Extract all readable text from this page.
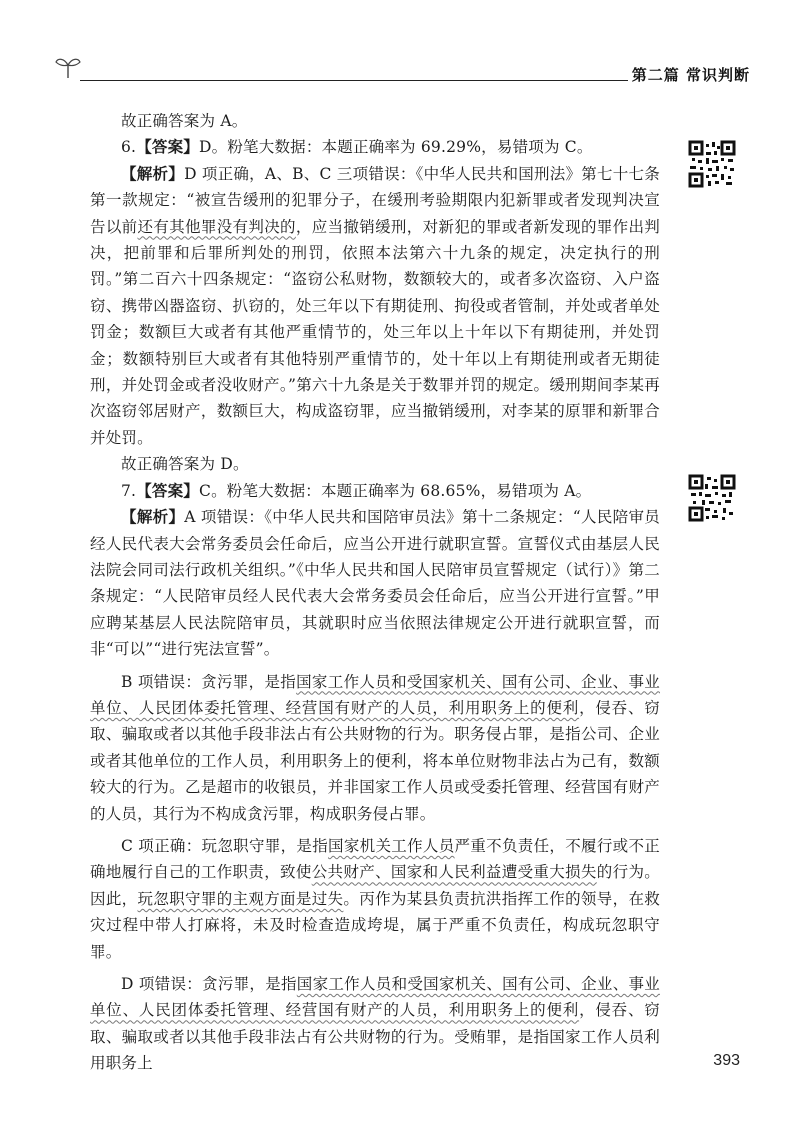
第二篇 常识判断

故正确答案为 A。

6.【答案】D。粉笔大数据：本题正确率为 69.29%，易错项为 C。

【解析】D 项正确，A、B、C 三项错误：《中华人民共和国刑法》第七十七条第一款规定：“被宣告缓刑的犯罪分子，在缓刑考验期限内犯新罪或者发现判决宣告以前还有其他罪没有判决的，应当撤销缓刑，对新犯的罪或者新发现的罪作出判决，把前罪和后罪所判处的刑罚，依照本法第六十九条的规定，决定执行的刑罚。”第二百六十四条规定：“盗窃公私财物，数额较大的，或者多次盗窃、入户盗窃、携带凶器盗窃、扒窃的，处三年以下有期徒刑、拘役或者管制，并处或者单处罚金；数额巨大或者有其他严重情节的，处三年以上十年以下有期徒刑，并处罚金；数额特别巨大或者有其他特别严重情节的，处十年以上有期徒刑或者无期徒刑，并处罚金或者没收财产。”第六十九条是关于数罪并罚的规定。缓刑期间李某再次盗窃邻居财产，数额巨大，构成盗窃罪，应当撤销缓刑，对李某的原罪和新罪合并处罚。

故正确答案为 D。

7.【答案】C。粉笔大数据：本题正确率为 68.65%，易错项为 A。

【解析】A 项错误：《中华人民共和国陪审员法》第十二条规定：“人民陪审员经人民代表大会常务委员会任命后，应当公开进行就职宣誓。宣誓仪式由基层人民法院会同司法行政机关组织。”《中华人民共和国人民陪审员宣誓规定（试行）》第二条规定：“人民陪审员经人民代表大会常务委员会任命后，应当公开进行宣誓。”甲应聘某基层人民法院陪审员，其就职时应当依照法律规定公开进行就职宣誓，而非“可以”“进行宪法宣誓”。

B 项错误：贪污罪，是指国家工作人员和受国家机关、国有公司、企业、事业单位、人民团体委托管理、经营国有财产的人员，利用职务上的便利，侵吞、窃取、骗取或者以其他手段非法占有公共财物的行为。职务侵占罪，是指公司、企业或者其他单位的工作人员，利用职务上的便利，将本单位财物非法占为己有，数额较大的行为。乙是超市的收银员，并非国家工作人员或受委托管理、经营国有财产的人员，其行为不构成贪污罪，构成职务侵占罪。

C 项正确：玩忽职守罪，是指国家机关工作人员严重不负责任，不履行或不正确地履行自己的工作职责，致使公共财产、国家和人民利益遭受重大损失的行为。因此，玩忽职守罪的主观方面是过失。丙作为某县负责抗洪指挥工作的领导，在救灾过程中带人打麻将，未及时检查造成垮堤，属于严重不负责任，构成玩忽职守罪。

D 项错误：贪污罪，是指国家工作人员和受国家机关、国有公司、企业、事业单位、人民团体委托管理、经营国有财产的人员，利用职务上的便利，侵吞、窃取、骗取或者以其他手段非法占有公共财物的行为。受贿罪，是指国家工作人员利用职务上	393
